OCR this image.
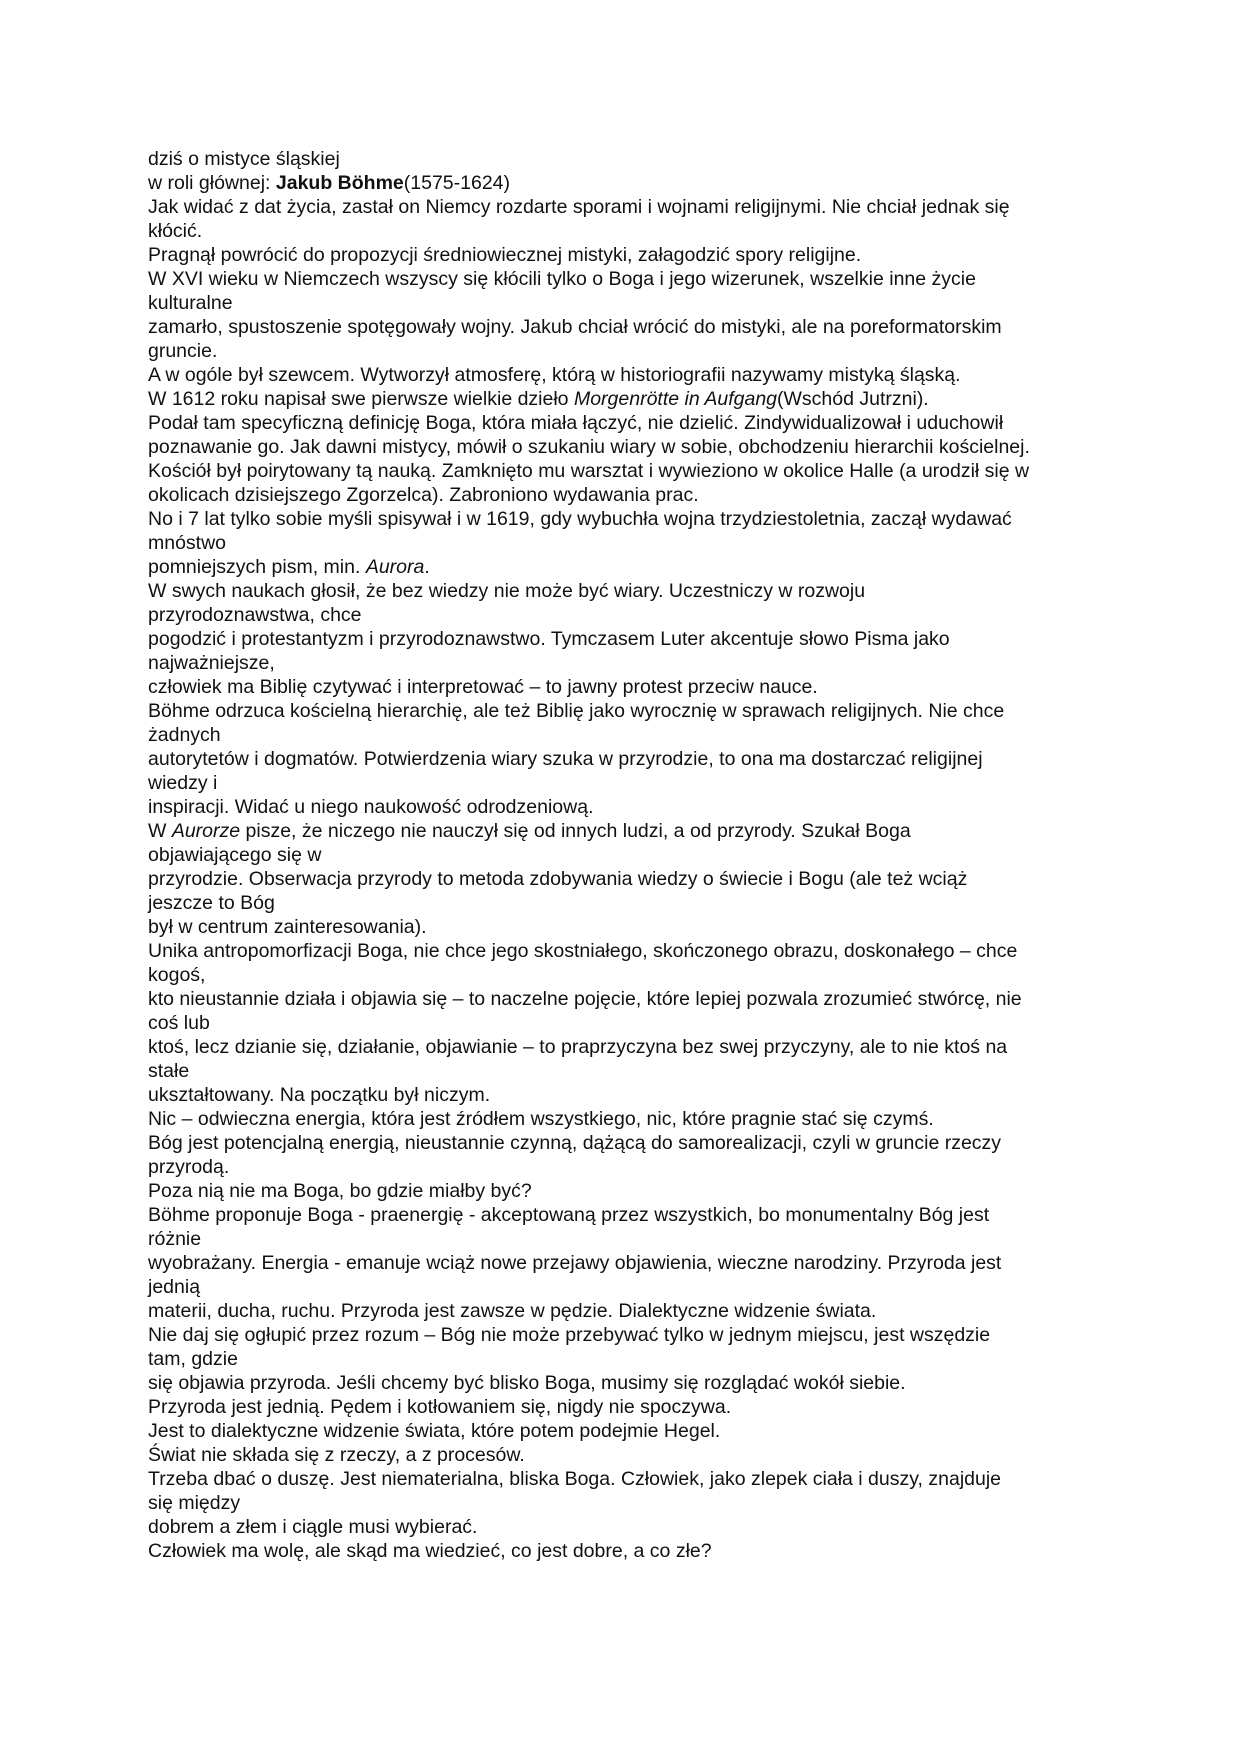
dziś o mistyce śląskiej

w roli głównej: Jakub Böhme(1575-1624)

Jak widać z dat życia, zastał on Niemcy rozdarte sporami i wojnami religijnymi. Nie chciał jednak się

kłócić.

Pragnął powrócić do propozycji średniowiecznej mistyki, załagodzić spory religijne.

W XVI wieku w Niemczech wszyscy się kłócili tylko o Boga i jego wizerunek, wszelkie inne życie

kulturalne

zamarło, spustoszenie spotęgowały wojny. Jakub chciał wrócić do mistyki, ale na poreformatorskim

gruncie.

A w ogóle był szewcem. Wytworzył atmosferę, którą w historiografii nazywamy mistyką śląską.

W 1612 roku napisał swe pierwsze wielkie dzieło Morgenrötte in Aufgang(Wschód Jutrzni).

Podał tam specyficzną definicję Boga, która miała łączyć, nie dzielić. Zindywidualizował i uduchowił

poznawanie go. Jak dawni mistycy, mówił o szukaniu wiary w sobie, obchodzeniu hierarchii kościelnej.

Kościół był poirytowany tą nauką. Zamknięto mu warsztat i wywieziono w okolice Halle (a urodził się w

okolicach dzisiejszego Zgorzelca). Zabroniono wydawania prac.

No i 7 lat tylko sobie myśli spisywał i w 1619, gdy wybuchła wojna trzydziestoletnia, zaczął wydawać

mnóstwo

pomniejszych pism, min. Aurora.

W swych naukach głosił, że bez wiedzy nie może być wiary. Uczestniczy w rozwoju

przyrodoznawstwa, chce

pogodzić i protestantyzm i przyrodoznawstwo. Tymczasem Luter akcentuje słowo Pisma jako

najważniejsze,

człowiek ma Biblię czytywać i interpretować – to jawny protest przeciw nauce.

Böhme odrzuca kościelną hierarchię, ale też Biblię jako wyrocznię w sprawach religijnych. Nie chce

żadnych

autorytetów i dogmatów. Potwierdzenia wiary szuka w przyrodzie, to ona ma dostarczać religijnej

wiedzy i

inspiracji. Widać u niego naukowość odrodzeniową.

W Aurorze pisze, że niczego nie nauczył się od innych ludzi, a od przyrody. Szukał Boga

objawiającego się w

przyrodzie. Obserwacja przyrody to metoda zdobywania wiedzy o świecie i Bogu (ale też wciąż

jeszcze to Bóg

był w centrum zainteresowania).

Unika antropomorfizacji Boga, nie chce jego skostniałego, skończonego obrazu, doskonałego – chce

kogoś,

kto nieustannie działa i objawia się – to naczelne pojęcie, które lepiej pozwala zrozumieć stwórcę, nie

coś lub

ktoś, lecz dzianie się, działanie, objawianie – to praprzyczyna bez swej przyczyny, ale to nie ktoś na

stałe

ukształtowany. Na początku był niczym.

Nic – odwieczna energia, która jest źródłem wszystkiego, nic, które pragnie stać się czymś.

Bóg jest potencjalną energią, nieustannie czynną, dążącą do samorealizacji, czyli w gruncie rzeczy

przyrodą.

Poza nią nie ma Boga, bo gdzie miałby być?

Böhme proponuje Boga - praenergię - akceptowaną przez wszystkich, bo monumentalny Bóg jest

różnie

wyobrażany. Energia - emanuje wciąż nowe przejawy objawienia, wieczne narodziny. Przyroda jest

jednią

materii, ducha, ruchu. Przyroda jest zawsze w pędzie. Dialektyczne widzenie świata.

Nie daj się ogłupić przez rozum – Bóg nie może przebywać tylko w jednym miejscu, jest wszędzie

tam, gdzie

się objawia przyroda. Jeśli chcemy być blisko Boga, musimy się rozglądać wokół siebie.

Przyroda jest jednią. Pędem i kotłowaniem się, nigdy nie spoczywa.

Jest to dialektyczne widzenie świata, które potem podejmie Hegel.

Świat nie składa się z rzeczy, a z procesów.

Trzeba dbać o duszę. Jest niematerialna, bliska Boga. Człowiek, jako zlepek ciała i duszy, znajduje

się między

dobrem a złem i ciągle musi wybierać.

Człowiek ma wolę, ale skąd ma wiedzieć, co jest dobre, a co złe?
